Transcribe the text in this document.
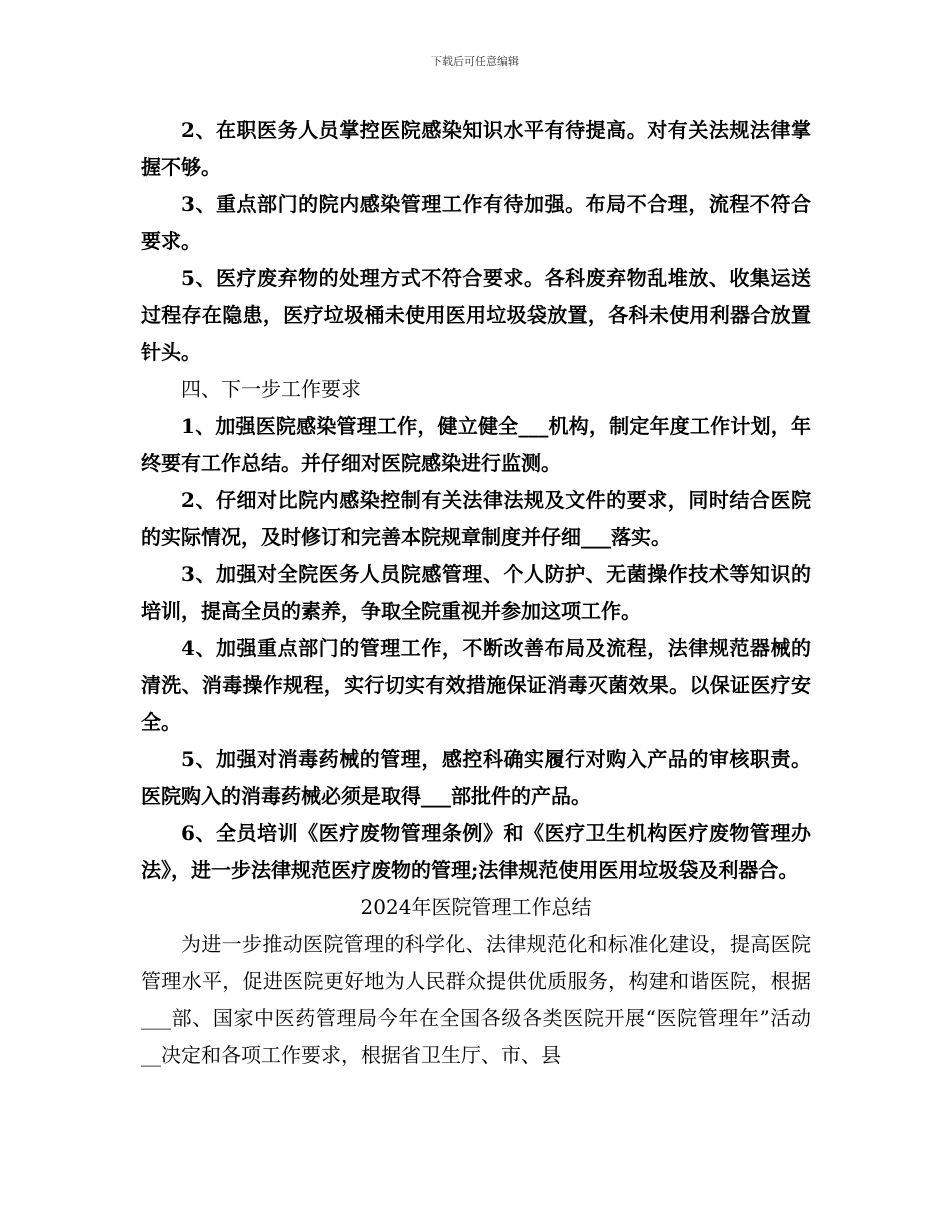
下载后可任意编辑

2、在职医务人员掌控医院感染知识水平有待提高。对有关法规法律掌握不够。

3、重点部门的院内感染管理工作有待加强。布局不合理，流程不符合要求。

5、医疗废弃物的处理方式不符合要求。各科废弃物乱堆放、收集运送过程存在隐患，医疗垃圾桶未使用医用垃圾袋放置，各科未使用利器合放置针头。

四、下一步工作要求

1、加强医院感染管理工作，健立健全___机构，制定年度工作计划，年终要有工作总结。并仔细对医院感染进行监测。

2、仔细对比院内感染控制有关法律法规及文件的要求，同时结合医院的实际情况，及时修订和完善本院规章制度并仔细___落实。

3、加强对全院医务人员院感管理、个人防护、无菌操作技术等知识的培训，提高全员的素养，争取全院重视并参加这项工作。

4、加强重点部门的管理工作，不断改善布局及流程，法律规范器械的清洗、消毒操作规程，实行切实有效措施保证消毒灭菌效果。以保证医疗安全。

5、加强对消毒药械的管理，感控科确实履行对购入产品的审核职责。医院购入的消毒药械必须是取得___部批件的产品。

6、全员培训《医疗废物管理条例》和《医疗卫生机构医疗废物管理办法》，进一步法律规范医疗废物的管理;法律规范使用医用垃圾袋及利器合。

2024年医院管理工作总结

为进一步推动医院管理的科学化、法律规范化和标准化建设，提高医院管理水平，促进医院更好地为人民群众提供优质服务，构建和谐医院，根据___部、国家中医药管理局今年在全国各级各类医院开展“医院管理年”活动__决定和各项工作要求，根据省卫生厅、市、县
